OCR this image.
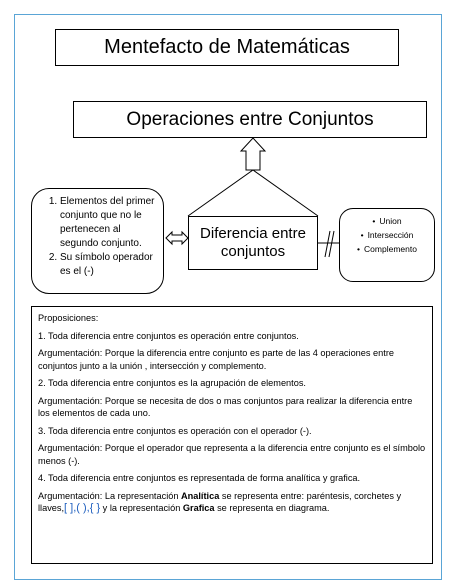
Mentefacto de Matemáticas
Operaciones entre Conjuntos
Diferencia entre
conjuntos
1. Elementos del primer conjunto que no le pertenecen al segundo conjunto.
2. Su símbolo operador es el (-)
• Union
• Intersección
• Complemento

Proposiciones:

1. Toda diferencia entre conjuntos es operación entre conjuntos.

Argumentación: Porque la diferencia entre conjunto es parte de las 4 operaciones entre conjuntos junto a la unión , intersección y complemento.

2. Toda diferencia entre conjuntos es la agrupación de elementos.

Argumentación: Porque se necesita de dos o mas conjuntos para realizar la diferencia entre los elementos de cada uno.

3. Toda diferencia entre conjuntos es operación con el operador (-).

Argumentación: Porque el operador que representa a la diferencia entre conjunto es el símbolo menos (-).

4. Toda diferencia entre conjuntos es representada de forma analítica y grafica.

Argumentación: La representación Analítica se representa entre: paréntesis, corchetes y llaves,[ ],( ),{ } y la representación Grafica se representa en diagrama.
